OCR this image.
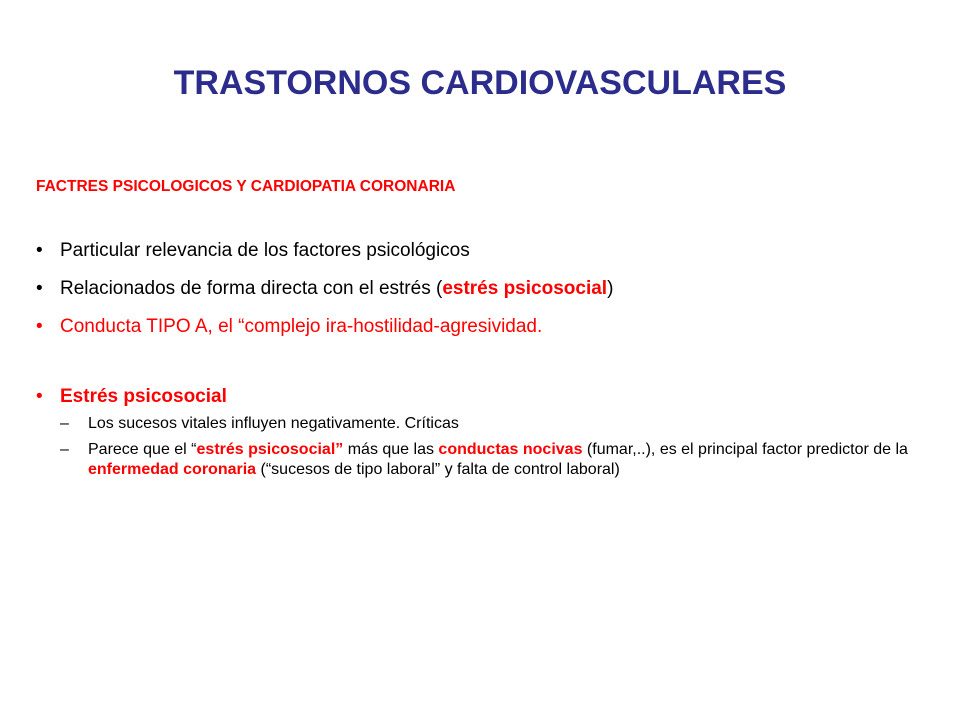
TRASTORNOS CARDIOVASCULARES
FACTRES PSICOLOGICOS Y CARDIOPATIA CORONARIA
• Particular relevancia de los factores psicológicos
• Relacionados de forma directa con el estrés (estrés psicosocial)
• Conducta TIPO A, el “complejo ira-hostilidad-agresividad.
• Estrés psicosocial
– Los sucesos vitales influyen negativamente. Críticas
– Parece que el “estrés psicosocial” más que las conductas nocivas (fumar,..), es el principal factor predictor de la enfermedad coronaria (“sucesos de tipo laboral” y falta de control laboral)
